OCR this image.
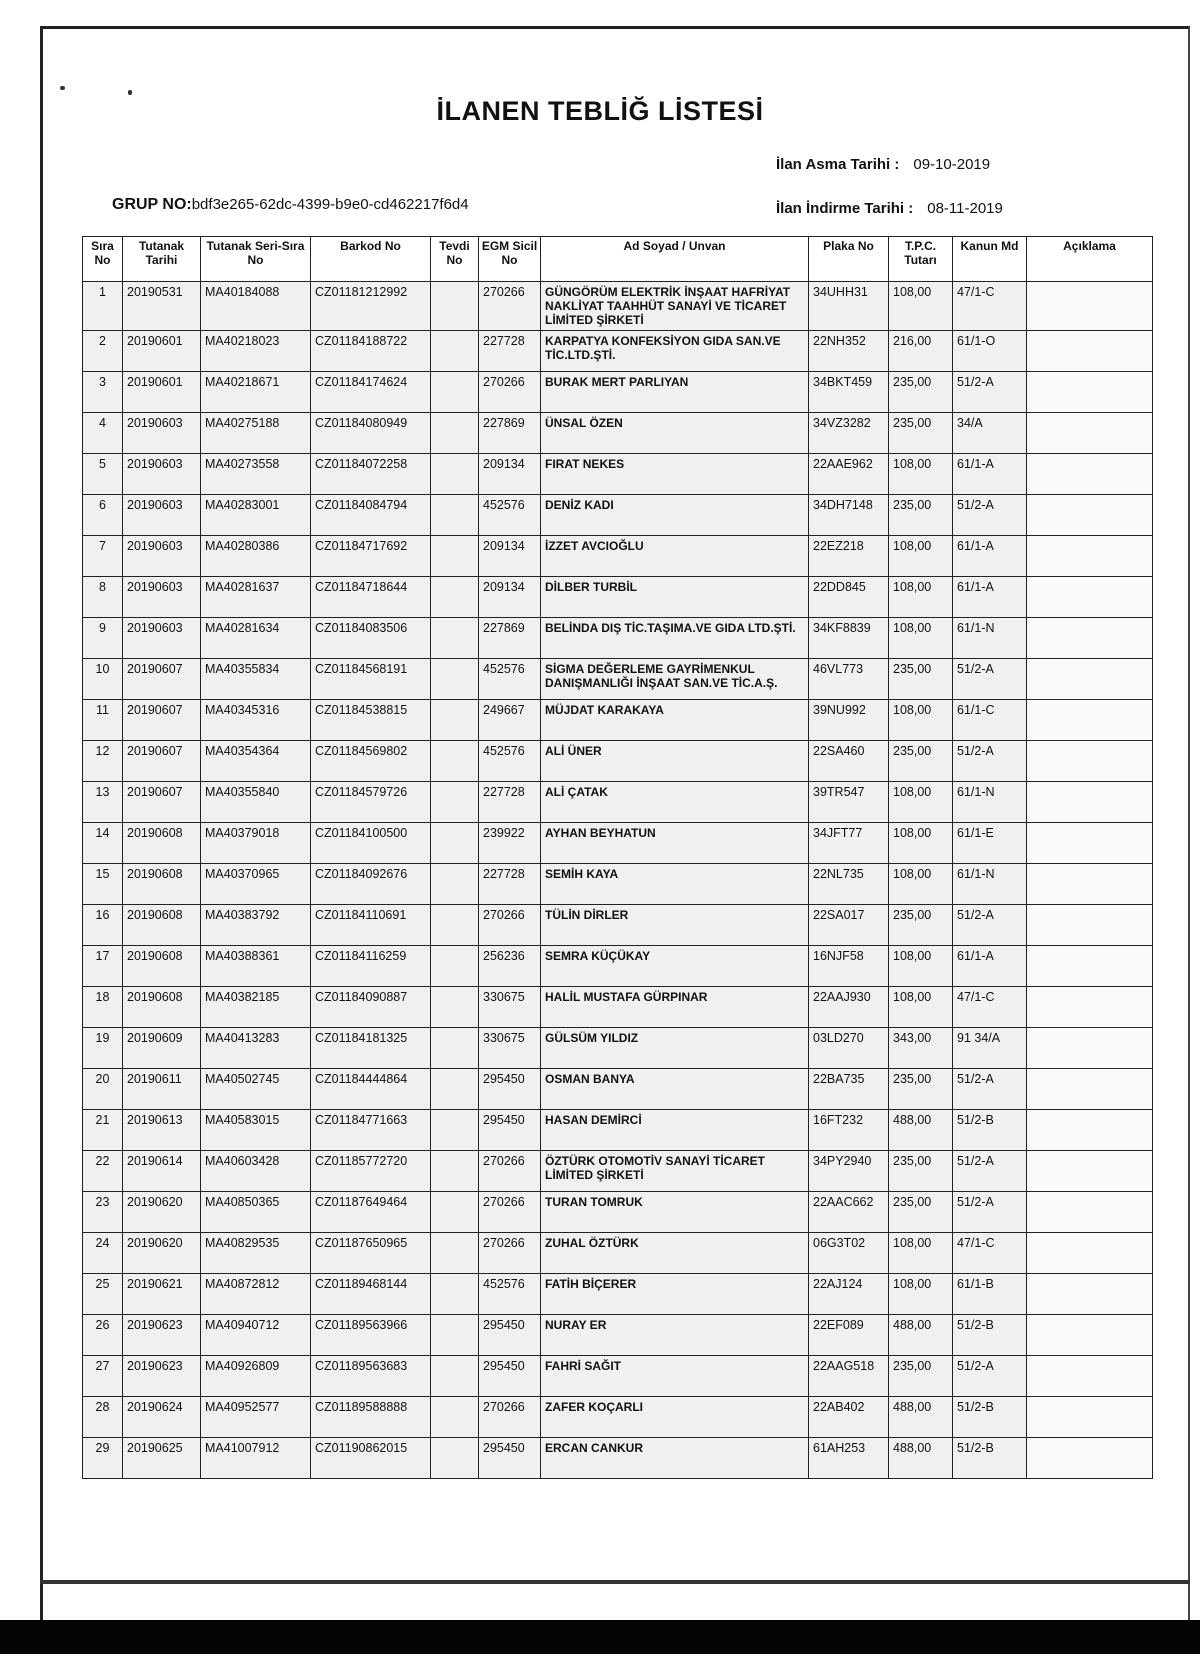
İLANEN TEBLİĞ LİSTESİ
İlan Asma Tarihi : 09-10-2019
İlan İndirme Tarihi : 08-11-2019
GRUP NO:bdf3e265-62dc-4399-b9e0-cd462217f6d4
Sıra No	Tutanak Tarihi	Tutanak Seri-Sıra No	Barkod No	Tevdi No	EGM Sicil No	Ad Soyad / Unvan	Plaka No	T.P.C. Tutarı	Kanun Md	Açıklama
1	20190531	MA40184088	CZ01181212992		270266	GÜNGÖRÜM ELEKTRİK İNŞAAT HAFRİYAT NAKLİYAT TAAHHÜT SANAYİ VE TİCARET LİMİTED ŞİRKETİ	34UHH31	108,00	47/1-C	
2	20190601	MA40218023	CZ01184188722		227728	KARPATYA KONFEKSİYON GIDA SAN.VE TİC.LTD.ŞTİ.	22NH352	216,00	61/1-O	
3	20190601	MA40218671	CZ01184174624		270266	BURAK MERT PARLIYAN	34BKT459	235,00	51/2-A	
4	20190603	MA40275188	CZ01184080949		227869	ÜNSAL ÖZEN	34VZ3282	235,00	34/A	
5	20190603	MA40273558	CZ01184072258		209134	FIRAT NEKES	22AAE962	108,00	61/1-A	
6	20190603	MA40283001	CZ01184084794		452576	DENİZ KADI	34DH7148	235,00	51/2-A	
7	20190603	MA40280386	CZ01184717692		209134	İZZET AVCIOĞLU	22EZ218	108,00	61/1-A	
8	20190603	MA40281637	CZ01184718644		209134	DİLBER TURBİL	22DD845	108,00	61/1-A	
9	20190603	MA40281634	CZ01184083506		227869	BELİNDA DIŞ TİC.TAŞIMA.VE GIDA LTD.ŞTİ.	34KF8839	108,00	61/1-N	
10	20190607	MA40355834	CZ01184568191		452576	SİGMA DEĞERLEME GAYRİMENKUL DANIŞMANLIĞI İNŞAAT SAN.VE TİC.A.Ş.	46VL773	235,00	51/2-A	
11	20190607	MA40345316	CZ01184538815		249667	MÜJDAT KARAKAYA	39NU992	108,00	61/1-C	
12	20190607	MA40354364	CZ01184569802		452576	ALİ ÜNER	22SA460	235,00	51/2-A	
13	20190607	MA40355840	CZ01184579726		227728	ALİ ÇATAK	39TR547	108,00	61/1-N	
14	20190608	MA40379018	CZ01184100500		239922	AYHAN BEYHATUN	34JFT77	108,00	61/1-E	
15	20190608	MA40370965	CZ01184092676		227728	SEMİH KAYA	22NL735	108,00	61/1-N	
16	20190608	MA40383792	CZ01184110691		270266	TÜLİN DİRLER	22SA017	235,00	51/2-A	
17	20190608	MA40388361	CZ01184116259		256236	SEMRA KÜÇÜKAY	16NJF58	108,00	61/1-A	
18	20190608	MA40382185	CZ01184090887		330675	HALİL MUSTAFA GÜRPINAR	22AAJ930	108,00	47/1-C	
19	20190609	MA40413283	CZ01184181325		330675	GÜLSÜM YILDIZ	03LD270	343,00	91 34/A	
20	20190611	MA40502745	CZ01184444864		295450	OSMAN BANYA	22BA735	235,00	51/2-A	
21	20190613	MA40583015	CZ01184771663		295450	HASAN DEMİRCİ	16FT232	488,00	51/2-B	
22	20190614	MA40603428	CZ01185772720		270266	ÖZTÜRK OTOMOTİV SANAYİ TİCARET LİMİTED ŞİRKETİ	34PY2940	235,00	51/2-A	
23	20190620	MA40850365	CZ01187649464		270266	TURAN TOMRUK	22AAC662	235,00	51/2-A	
24	20190620	MA40829535	CZ01187650965		270266	ZUHAL ÖZTÜRK	06G3T02	108,00	47/1-C	
25	20190621	MA40872812	CZ01189468144		452576	FATİH BİÇERER	22AJ124	108,00	61/1-B	
26	20190623	MA40940712	CZ01189563966		295450	NURAY ER	22EF089	488,00	51/2-B	
27	20190623	MA40926809	CZ01189563683		295450	FAHRİ SAĞIT	22AAG518	235,00	51/2-A	
28	20190624	MA40952577	CZ01189588888		270266	ZAFER KOÇARLI	22AB402	488,00	51/2-B	
29	20190625	MA41007912	CZ01190862015		295450	ERCAN CANKUR	61AH253	488,00	51/2-B	
